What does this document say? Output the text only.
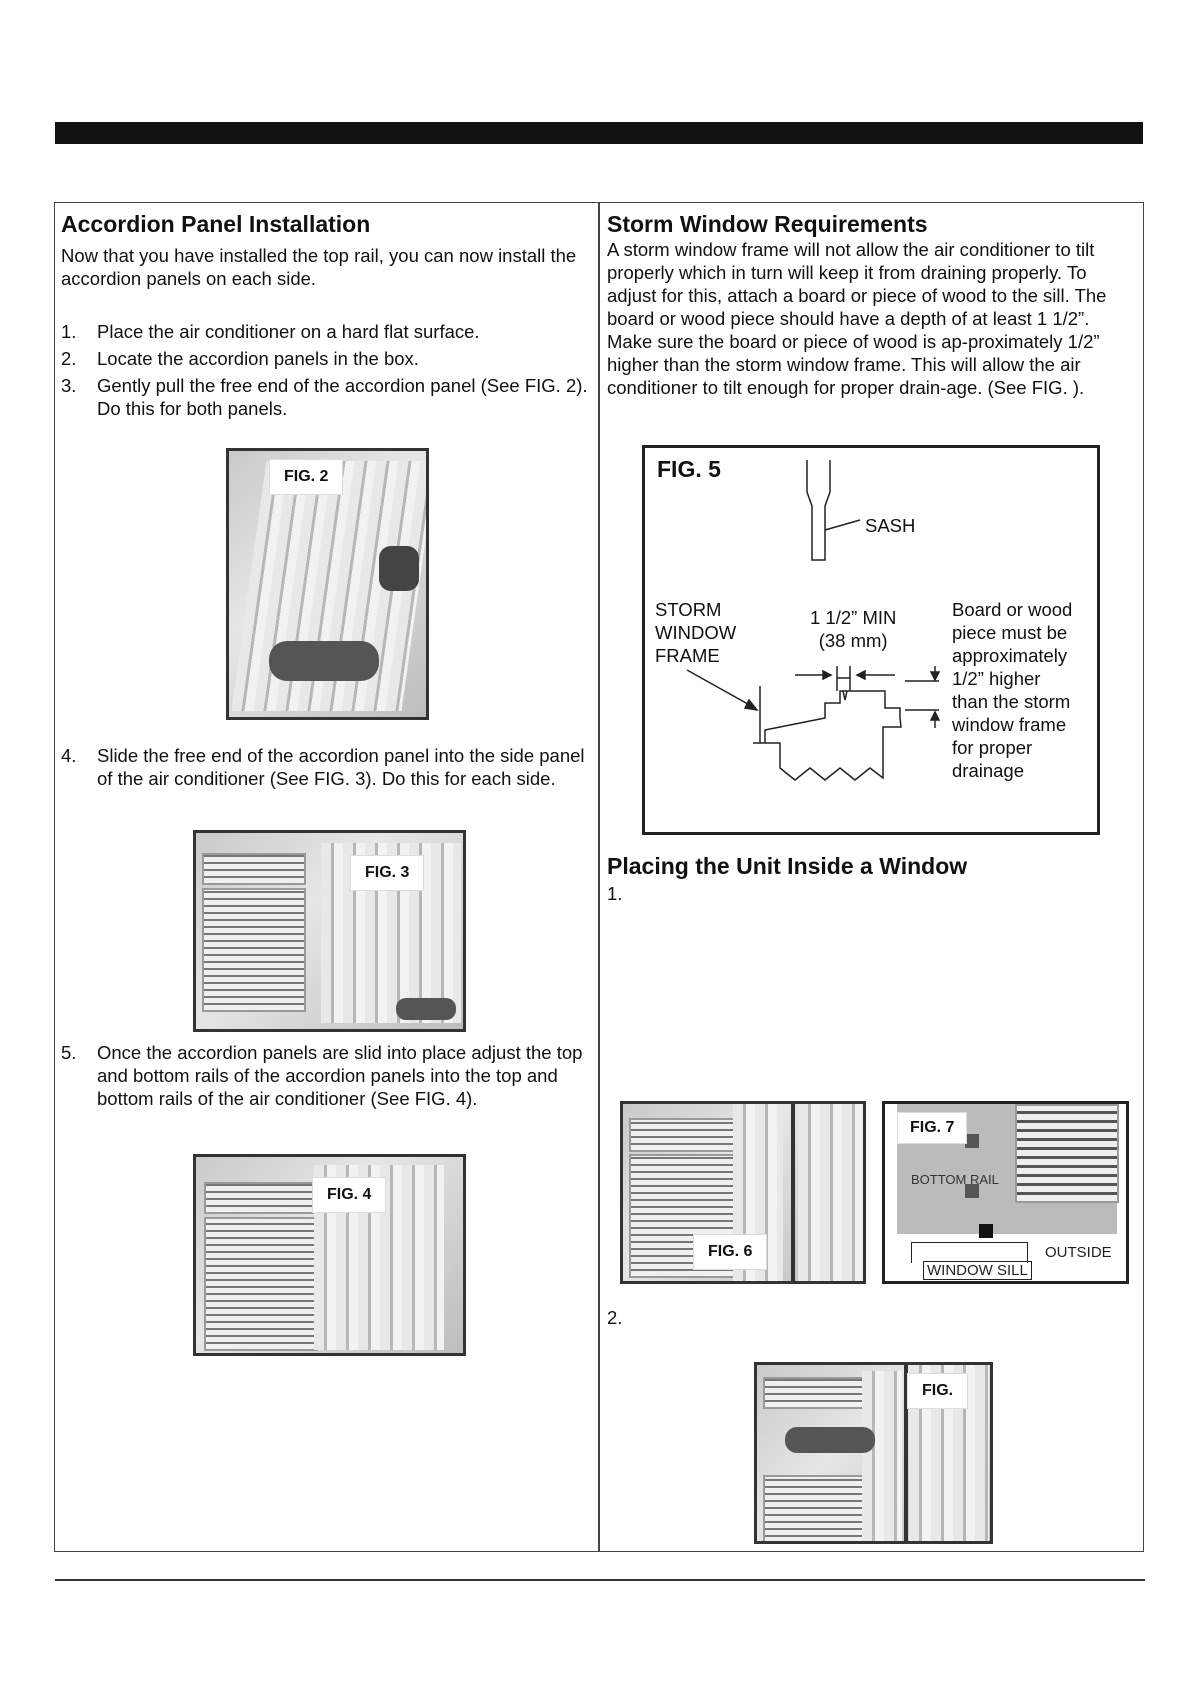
Accordion Panel Installation

Now that you have installed the top rail, you can now install the accordion panels on each side.

1.	Place the air conditioner on a hard flat surface.
2.	Locate the accordion panels in the box.
3.	Gently pull the free end of the accordion panel (See FIG. 2). Do this for both panels.
FIG. 2
4.	Slide the free end of the accordion panel into the side panel of the air conditioner (See FIG. 3). Do this for each side.
FIG. 3
5.	Once the accordion panels are slid into place adjust the top and bottom rails of the accordion panels into the top and bottom rails of the air conditioner (See FIG. 4).
FIG. 4
Storm Window Requirements

A storm window frame will not allow the air conditioner to tilt properly which in turn will keep it from draining properly. To adjust for this, attach a board or piece of wood to the sill. The board or wood piece should have a depth of at least 1 1/2”. Make sure the board or piece of wood is ap-proximately 1/2” higher than the storm window frame. This will allow the air conditioner to tilt enough for proper drain-age. (See FIG. ).

FIG. 5
SASH
STORM
WINDOW
FRAME
1 1/2” MIN
(38 mm)
Board or wood
piece must be
approximately
1/2” higher
than the storm
window frame
for proper
drainage
Placing the Unit Inside a Window

1.

FIG. 6
FIG. 7
BOTTOM RAIL
OUTSIDE
WINDOW SILL

2.

FIG.
